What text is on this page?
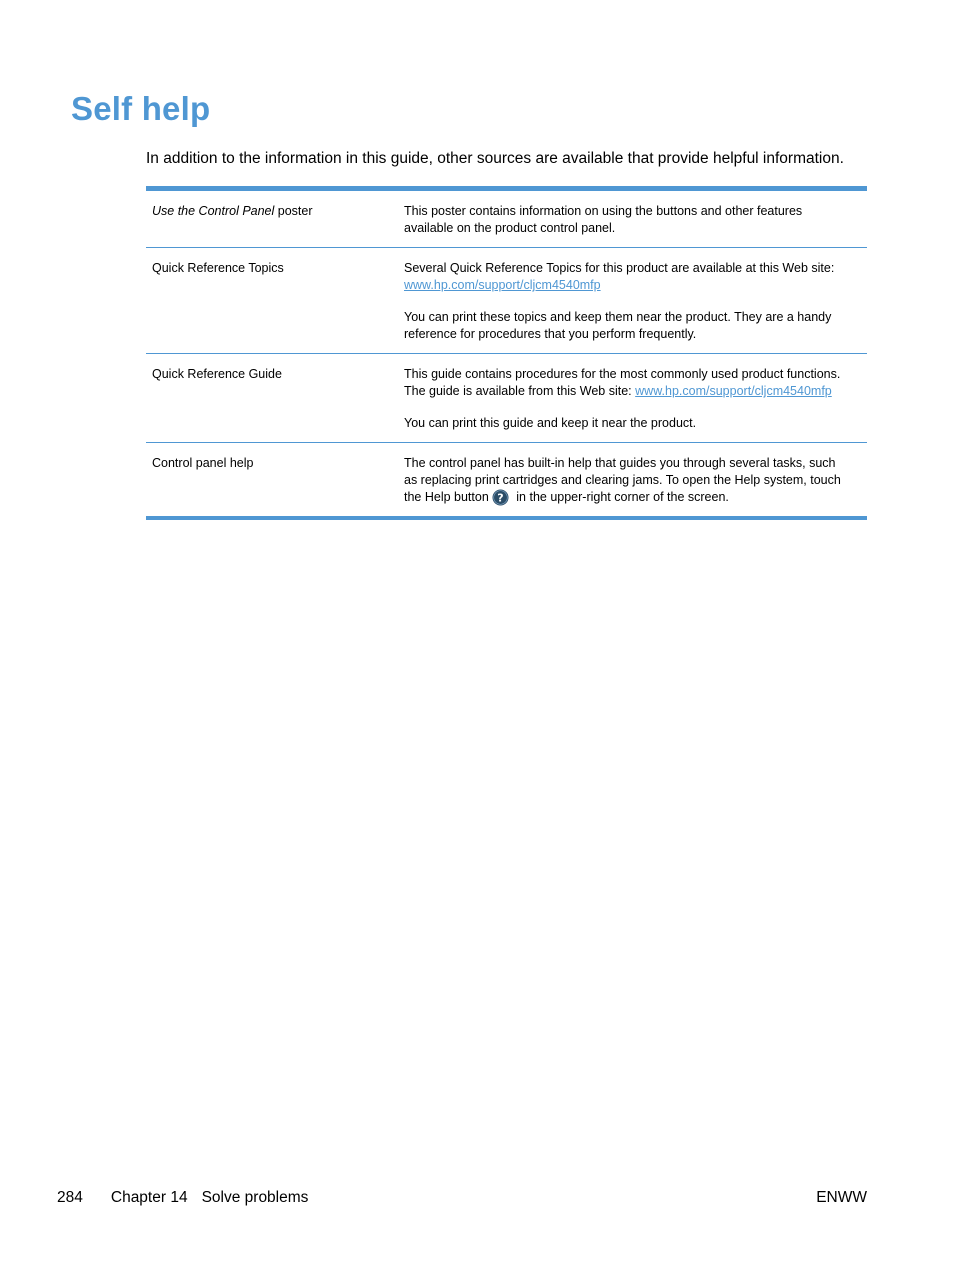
Self help

In addition to the information in this guide, other sources are available that provide helpful information.

Use the Control Panel poster	This poster contains information on using the buttons and other features available on the product control panel.

Quick Reference Topics	Several Quick Reference Topics for this product are available at this Web site: www.hp.com/support/cljcm4540mfp

You can print these topics and keep them near the product. They are a handy reference for procedures that you perform frequently.

Quick Reference Guide	This guide contains procedures for the most commonly used product functions. The guide is available from this Web site: www.hp.com/support/cljcm4540mfp

You can print this guide and keep it near the product.

Control panel help	The control panel has built-in help that guides you through several tasks, such as replacing print cartridges and clearing jams. To open the Help system, touch the Help button ? in the upper-right corner of the screen.

284 Chapter 14 Solve problems	ENWW
